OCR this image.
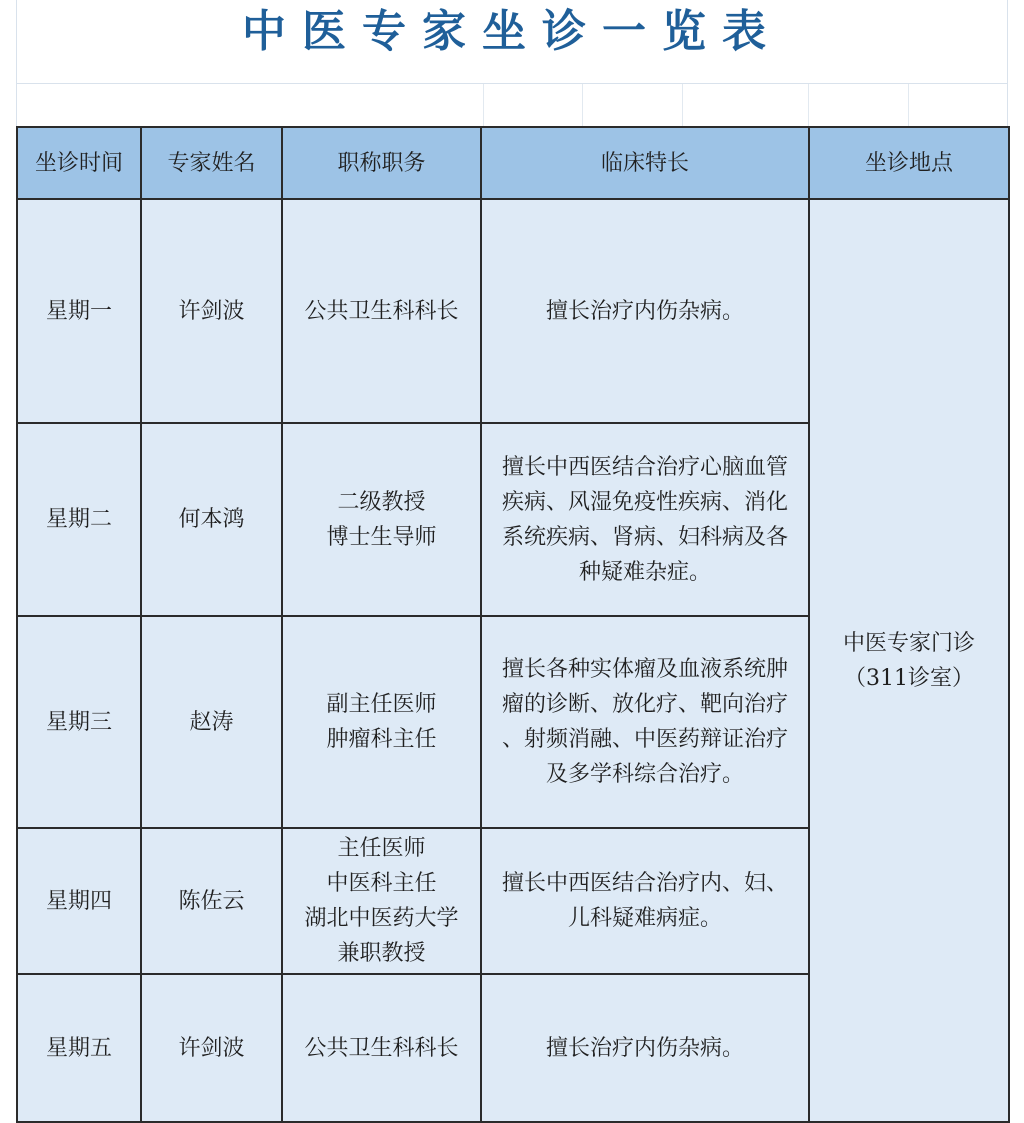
中医专家坐诊一览表
坐诊时间	专家姓名	职称职务	临床特长	坐诊地点
星期一	许剑波	公共卫生科科长	擅长治疗内伤杂病。	中医专家门诊
（311诊室）

星期二	何本鸿	二级教授
博士生导师	擅长中西医结合治疗心脑血管
疾病、风湿免疫性疾病、消化
系统疾病、肾病、妇科病及各
种疑难杂症。	

星期三	赵涛	副主任医师
肿瘤科主任	擅长各种实体瘤及血液系统肿
瘤的诊断、放化疗、靶向治疗
、射频消融、中医药辩证治疗
及多学科综合治疗。	

星期四	陈佐云	主任医师
中医科主任
湖北中医药大学
兼职教授	擅长中西医结合治疗内、妇、
儿科疑难病症。	

星期五	许剑波	公共卫生科科长	擅长治疗内伤杂病。	
